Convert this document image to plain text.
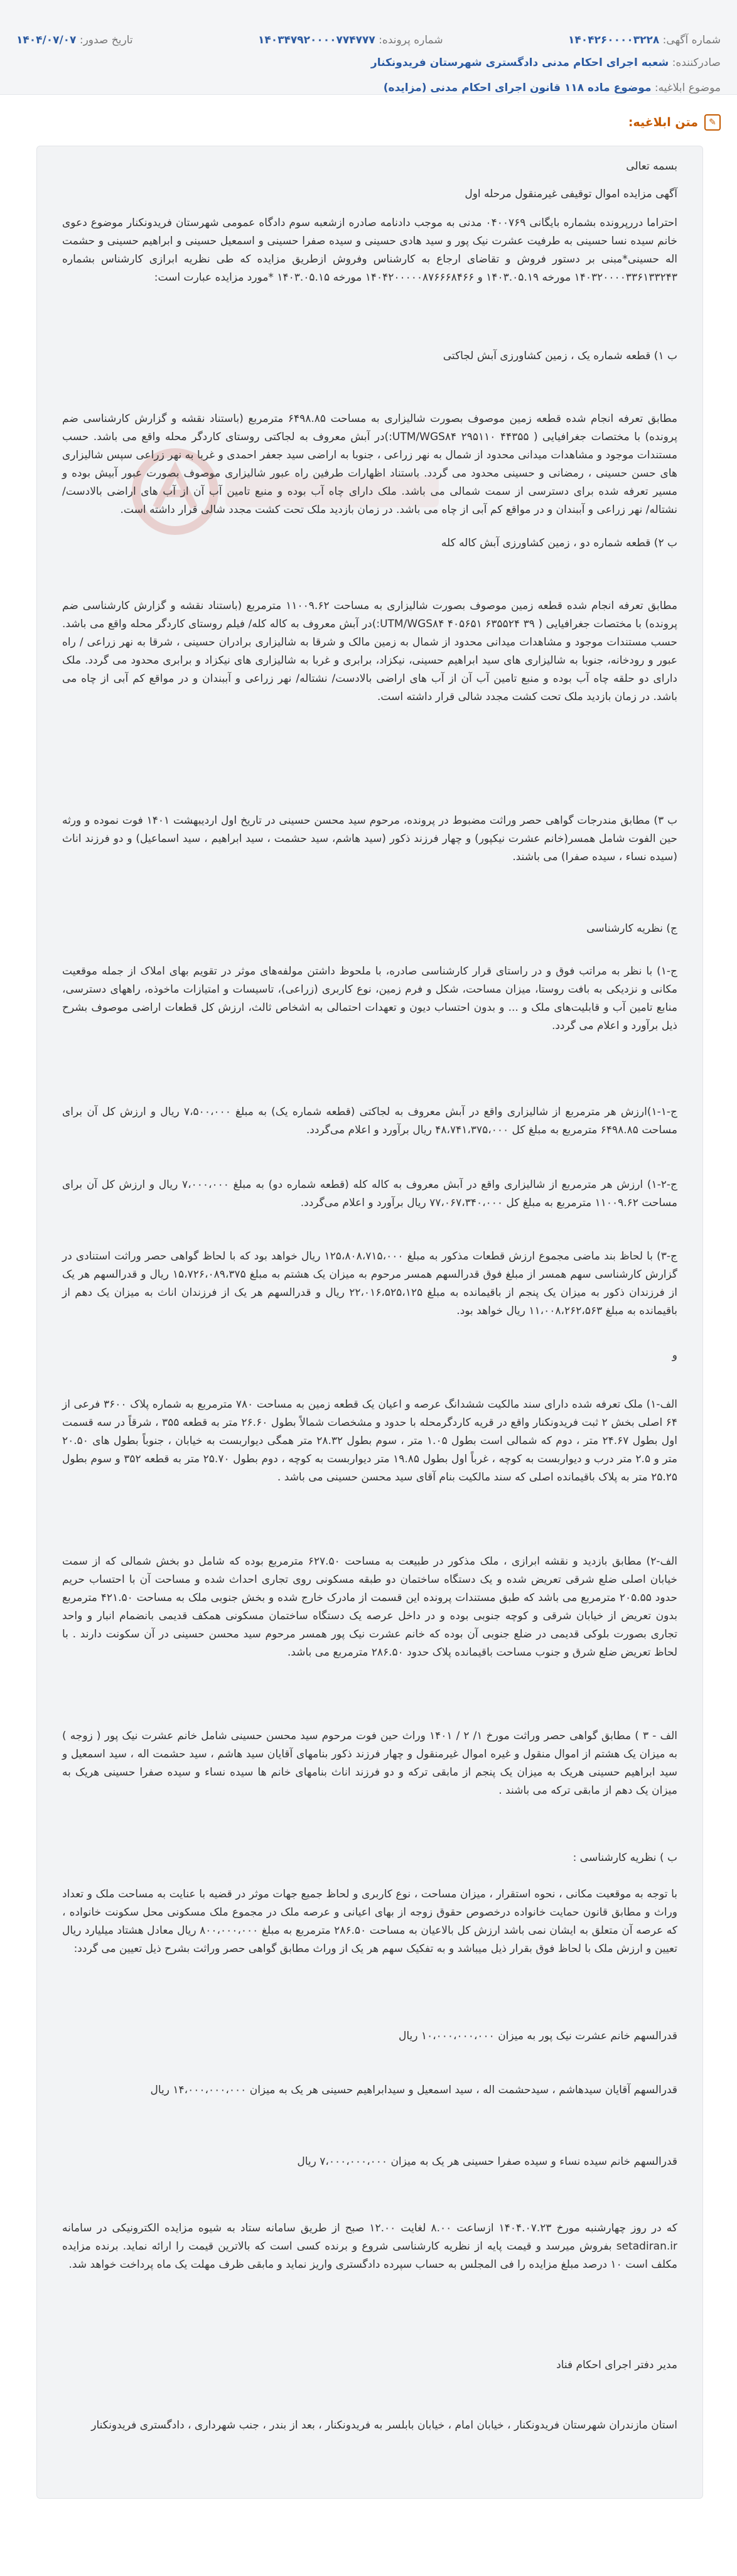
شماره آگهی: ۱۴۰۴۲۶۰۰۰۰۳۲۲۸
شماره پرونده: ۱۴۰۳۴۷۹۲۰۰۰۰۷۷۴۷۷۷
تاریخ صدور: ۱۴۰۴/۰۷/۰۷
صادرکننده: شعبه اجرای احکام مدنی دادگستری شهرستان فریدونکنار
موضوع ابلاغیه: موضوع ماده ۱۱۸ قانون اجرای احکام مدنی (مزایده)
✎
متن ابلاغیه:
بسمه تعالی
آگهی مزایده اموال توقیفی غیرمنقول مرحله اول
احتراما دررپرونده بشماره بایگانی ۰۴۰۰۷۶۹ مدنی به موجب دادنامه صادره ازشعبه سوم دادگاه عمومی شهرستان فریدونکنار موضوع دعوی خانم سیده نسا حسینی به طرفیت عشرت نیک پور و سید هادی حسینی و سیده صفرا حسینی و اسمعیل حسینی و ابراهیم حسینی و حشمت اله حسینی*مبنی بر دستور فروش و تقاضای ارجاع به کارشناس وفروش ازطریق مزایده که طی نظریه ابرازی کارشناس بشماره ۱۴۰۳۲۰۰۰۰۳۳۶۱۳۳۲۴۳ مورخه ۱۴۰۳.۰۵.۱۹ و ۱۴۰۴۲۰۰۰۰۰۸۷۶۶۶۸۴۶۶ مورخه ۱۴۰۳.۰۵.۱۵ *مورد مزایده عبارت است:
ب ۱) قطعه شماره یک ، زمین کشاورزی آبش لجاکتی
مطابق تعرفه انجام شده قطعه زمین موصوف بصورت شالیزاری به مساحت ۶۴۹۸.۸۵ مترمربع (باستناد نقشه و گزارش کارشناسی ضم پرونده) با مختصات جغرافیایی ( ۴۴۳۵۵ ۲۹۵۱۱۰ UTM/WGS۸۴:)در آبش معروف به لجاکتی روستای کاردگر محله واقع می باشد. حسب مستندات موجود و مشاهدات میدانی محدود از شمال به نهر زراعی ، جنوبا به اراضی سید جعفر احمدی و غربا به نهر زراعی سپس شالیزاری های حسن حسینی ، رمضانی و حسینی محدود می گردد. باستناد اظهارات طرفین راه عبور شالیزاری موصوف بصورت عبور آبیش بوده و مسیر تعرفه شده برای دسترسی از سمت شمالی می باشد. ملک دارای چاه آب بوده و منبع تامین آب آن از آب های اراضی بالادست/ نشتاله/ نهر زراعی و آببندان و در مواقع کم آبی از چاه می باشد. در زمان بازدید ملک تحت کشت مجدد شالی قرار داشته است.
ب ۲) قطعه شماره دو ، زمین کشاورزی آبش کاله کله
مطابق تعرفه انجام شده قطعه زمین موصوف بصورت شالیزاری به مساحت ۱۱۰۰۹.۶۲ مترمربع (باستناد نقشه و گزارش کارشناسی ضم پرونده) با مختصات جغرافیایی ( ۳۹ ۶۳۵۵۲۴ ۴۰۵۶۵۱ UTM/WGS۸۴:)در آبش معروف به کاله کله/ فیلم روستای کاردگر محله واقع می باشد. حسب مستندات موجود و مشاهدات میدانی محدود از شمال به زمین مالک و شرقا به شالیزاری برادران حسینی ، شرقا به نهر زراعی / راه عبور و رودخانه، جنوبا به شالیزاری های سید ابراهیم حسینی، نیکزاد، برابری و غربا به شالیزاری های نیکزاد و برابری محدود می گردد. ملک دارای دو حلقه چاه آب بوده و منبع تامین آب آن از آب های اراضی بالادست/ نشتاله/ نهر زراعی و آببندان و در مواقع کم آبی از چاه می باشد. در زمان بازدید ملک تحت کشت مجدد شالی قرار داشته است.
ب ۳) مطابق مندرجات گواهی حصر وراثت مضبوط در پرونده، مرحوم سید محسن حسینی در تاریخ اول اردیبهشت ۱۴۰۱ فوت نموده و ورثه حین الفوت شامل همسر(خانم عشرت نیکپور) و چهار فرزند ذکور (سید هاشم، سید حشمت ، سید ابراهیم ، سید اسماعیل) و دو فرزند اناث (سیده نساء ، سیده صفرا) می باشند.
ج) نظریه کارشناسی
ج-۱) با نظر به مراتب فوق و در راستای قرار کارشناسی صادره، با ملحوظ داشتن مولفه‌های موثر در تقویم بهای املاک از جمله موقعیت مکانی و نزدیکی به بافت روستا، میزان مساحت، شکل و فرم زمین، نوع کاربری (زراعی)، تاسیسات و امتیازات ماخوذه، راههای دسترسی، منابع تامین آب و قابلیت‌های ملک و ... و بدون احتساب دیون و تعهدات احتمالی به اشخاص ثالث، ارزش کل قطعات اراضی موصوف بشرح ذیل برآورد و اعلام می گردد.
ج-۱-۱)ارزش هر مترمربع از شالیزاری واقع در آبش معروف به لجاکتی (قطعه شماره یک) به مبلغ ۷،۵۰۰،۰۰۰ ریال و ارزش کل آن برای مساحت ۶۴۹۸.۸۵ مترمربع به مبلغ کل ۴۸،۷۴۱،۳۷۵،۰۰۰ ریال برآورد و اعلام می‌گردد.
ج-۲-۱) ارزش هر مترمربع از شالیزاری واقع در آبش معروف به کاله کله (قطعه شماره دو) به مبلغ ۷،۰۰۰،۰۰۰ ریال و ارزش کل آن برای مساحت ۱۱۰۰۹.۶۲ مترمربع به مبلغ کل ۷۷،۰۶۷،۳۴۰،۰۰۰ ریال برآورد و اعلام می‌گردد.
ج-۳) با لحاظ بند ماضی مجموع ارزش قطعات مذکور به مبلغ ۱۲۵،۸۰۸،۷۱۵،۰۰۰ ریال خواهد بود که با لحاظ گواهی حصر وراثت استنادی در گزارش کارشناسی سهم همسر از مبلغ فوق قدرالسهم همسر مرحوم به میزان یک هشتم به مبلغ ۱۵،۷۲۶،۰۸۹،۳۷۵ ریال و قدرالسهم هر یک از فرزندان ذکور به میزان یک پنجم از باقیمانده به مبلغ ۲۲،۰۱۶،۵۲۵،۱۲۵ ریال و قدرالسهم هر یک از فرزندان اناث به میزان یک دهم از باقیمانده به مبلغ ۱۱،۰۰۸،۲۶۲،۵۶۳ ریال خواهد بود.
و
الف-۱) ملک تعرفه شده دارای سند مالکیت ششدانگ عرصه و اعیان یک قطعه زمین به مساحت ۷۸۰ مترمربع به شماره پلاک ۳۶۰۰ فرعی از ۶۴ اصلی بخش ۲ ثبت فریدونکنار واقع در قریه کاردگرمحله با حدود و مشخصات شمالاً بطول ۲۶.۶۰ متر به قطعه ۳۵۵ ، شرقاً در سه قسمت اول بطول ۲۴.۶۷ متر ، دوم که شمالی است بطول ۱.۰۵ متر ، سوم بطول ۲۸.۳۲ متر همگی دیواربست به خیابان ، جنوباً بطول های ۲۰.۵۰ متر و ۲.۵ متر درب و دیواربست به کوچه ، غرباً اول بطول ۱۹.۸۵ متر دیواربست به کوچه ، دوم بطول ۲۵.۷۰ متر به قطعه ۳۵۲ و سوم بطول ۲۵.۲۵ متر به پلاک باقیمانده اصلی که سند مالکیت بنام آقای سید محسن حسینی می باشد .
الف-۲) مطابق بازدید و نقشه ابرازی ، ملک مذکور در طبیعت به مساحت ۶۲۷.۵۰ مترمربع بوده که شامل دو بخش شمالی که از سمت خیابان اصلی ضلع شرقی تعریض شده و یک دستگاه ساختمان دو طبقه مسکونی روی تجاری احداث شده و مساحت آن با احتساب حریم حدود ۲۰۵.۵۵ مترمربع می باشد که طبق مستندات پرونده این قسمت از مادرک خارج شده و بخش جنوبی ملک به مساحت ۴۲۱.۵۰ مترمربع بدون تعریض از خیابان شرقی و کوچه جنوبی بوده و در داخل عرصه یک دستگاه ساختمان مسکونی همکف قدیمی بانضمام انبار و واحد تجاری بصورت بلوکی قدیمی در ضلع جنوبی آن بوده که خانم عشرت نیک پور همسر مرحوم سید محسن حسینی در آن سکونت دارند . با لحاظ تعریض ضلع شرق و جنوب مساحت باقیمانده پلاک حدود ۲۸۶.۵۰ مترمربع می باشد.
الف - ۳ ) مطابق گواهی حصر وراثت مورخ ۱/ ۲ / ۱۴۰۱ وراث حین فوت مرحوم سید محسن حسینی شامل خانم عشرت نیک پور ( زوجه ) به میزان یک هشتم از اموال منقول و غیره اموال غیرمنقول و چهار فرزند ذکور بنامهای آقایان سید هاشم ، سید حشمت اله ، سید اسمعیل و سید ابراهیم حسینی هریک به میزان یک پنجم از مابقی ترکه و دو فرزند اناث بنامهای خانم ها سیده نساء و سیده صفرا حسینی هریک به میزان یک دهم از مابقی ترکه می باشند .
ب ) نظریه کارشناسی :
با توجه به موقعیت مکانی ، نحوه استقرار ، میزان مساحت ، نوع کاربری و لحاظ جمیع جهات موثر در قضیه با عنایت به مساحت ملک و تعداد وراث و مطابق قانون حمایت خانواده درخصوص حقوق زوجه از بهای اعیانی و عرصه ملک در مجموع ملک مسکونی محل سکونت خانواده ، که عرصه آن متعلق به ایشان نمی باشد ارزش کل بالاعیان به مساحت ۲۸۶.۵۰ مترمربع به مبلغ ۸۰۰،۰۰۰،۰۰۰ ریال معادل هشتاد میلیارد ریال تعیین و ارزش ملک با لحاظ فوق بقرار ذیل میباشد و به تفکیک سهم هر یک از وراث مطابق گواهی حصر وراثت بشرح ذیل تعیین می گردد:
قدرالسهم خانم عشرت نیک پور به میزان ۱۰،۰۰۰،۰۰۰،۰۰۰ ریال
قدرالسهم آقایان سیدهاشم ، سیدحشمت اله ، سید اسمعیل و سیدابراهیم حسینی هر یک به میزان ۱۴،۰۰۰،۰۰۰،۰۰۰ ریال
قدرالسهم خانم سیده نساء و سیده صفرا حسینی هر یک به میزان ۷،۰۰۰،۰۰۰،۰۰۰ ریال
که در روز چهارشنبه مورخ ۱۴۰۴.۰۷.۲۳ ازساعت ۸.۰۰ لغایت ۱۲.۰۰ صبح از طریق سامانه ستاد به شیوه مزایده الکترونیکی در سامانه setadiran.ir بفروش میرسد و قیمت پایه از نظریه کارشناسی شروع و برنده کسی است که بالاترین قیمت را ارائه نماید. برنده مزایده مکلف است ۱۰ درصد مبلغ مزایده را فی المجلس به حساب سپرده دادگستری واریز نماید و مابقی ظرف مهلت یک ماه پرداخت خواهد شد.
مدیر دفتر اجرای احکام فناد
استان مازندران شهرستان فریدونکنار ، خیابان امام ، خیابان بابلسر به فریدونکنار ، بعد از بندر ، جنب شهرداری ، دادگستری فریدونکنار
